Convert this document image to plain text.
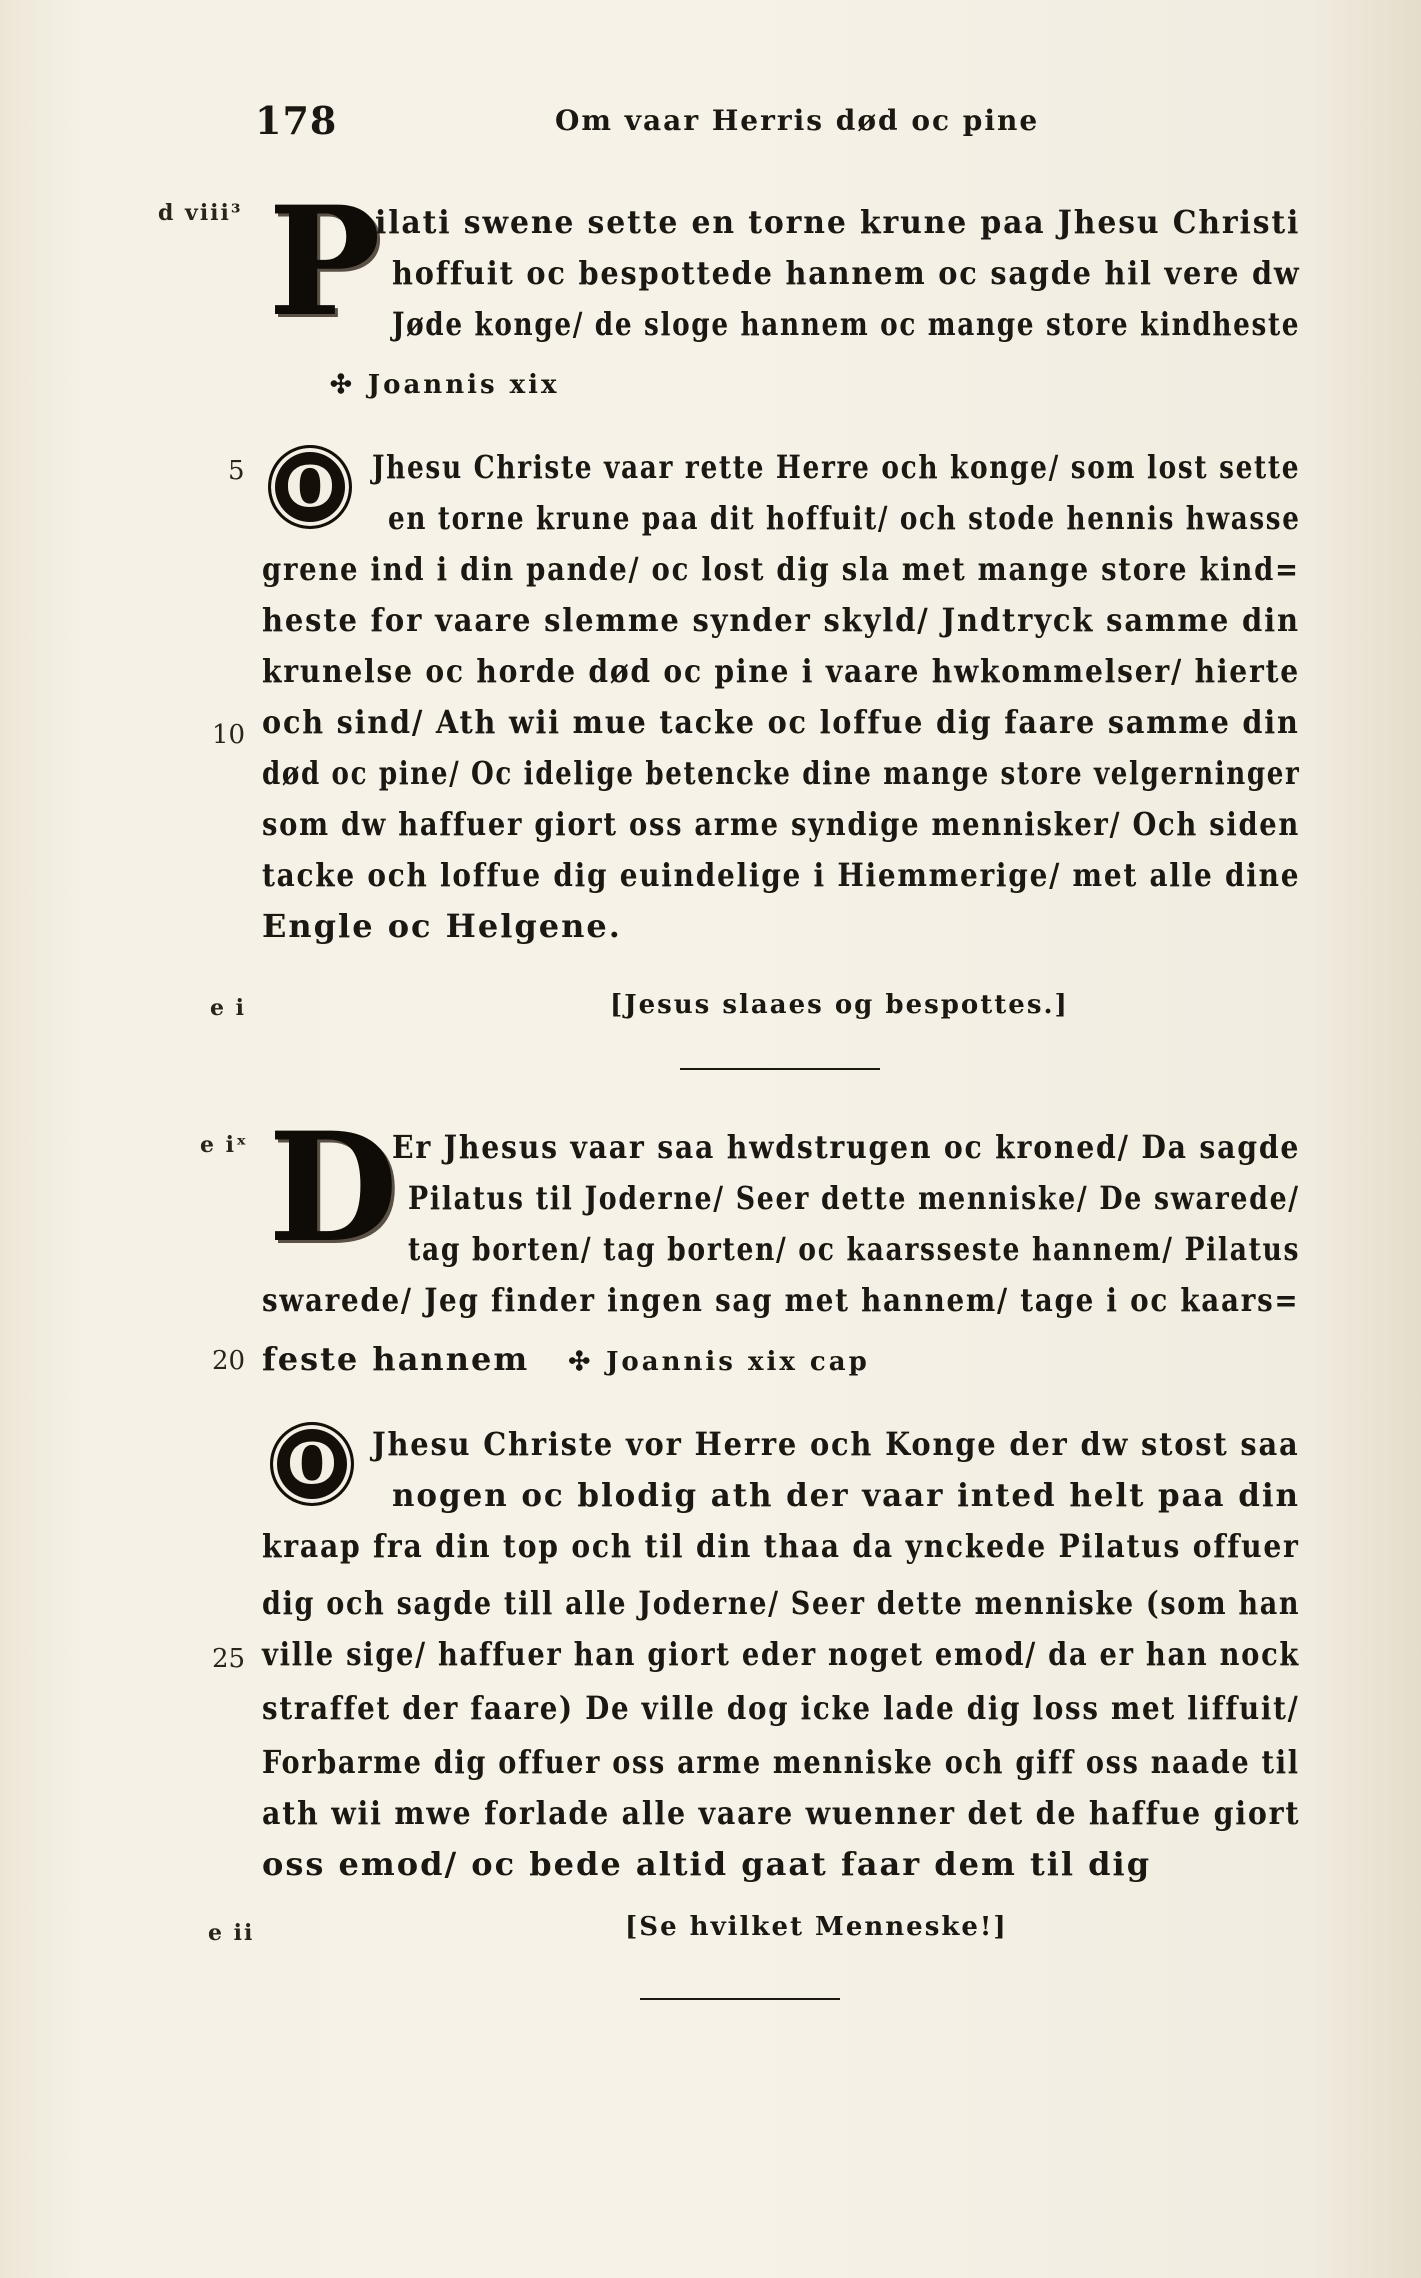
178	Om vaar Herris død oc pine
d viii³
e i
e iˣ
e ii
5
10
20
25
P
ilati swene sette en torne krune paa Jhesu Christi
hoffuit oc bespottede hannem oc sagde hil vere dw
Jøde konge/ de sloge hannem oc mange store kindheste
✣ Joannis xix
O	Jhesu Christe vaar rette Herre och konge/ som lost sette
en torne krune paa dit hoffuit/ och stode hennis hwasse
grene ind i din pande/ oc lost dig sla met mange store kind=
heste for vaare slemme synder skyld/ Jndtryck samme din
krunelse oc horde død oc pine i vaare hwkommelser/ hierte
och sind/ Ath wii mue tacke oc loffue dig faare samme din
død oc pine/ Oc idelige betencke dine mange store velgerninger
som dw haffuer giort oss arme syndige mennisker/ Och siden
tacke och loffue dig euindelige i Hiemmerige/ met alle dine
Engle oc Helgene.
[Jesus slaaes og bespottes.]
D
Er Jhesus vaar saa hwdstrugen oc kroned/ Da sagde
Pilatus til Joderne/ Seer dette menniske/ De swarede/
tag borten/ tag borten/ oc kaarsseste hannem/ Pilatus
swarede/ Jeg finder ingen sag met hannem/ tage i oc kaars=
feste hannem ✣ Joannis xix cap
O	Jhesu Christe vor Herre och Konge der dw stost saa
nogen oc blodig ath der vaar inted helt paa din
kraap fra din top och til din thaa da ynckede Pilatus offuer
dig och sagde till alle Joderne/ Seer dette menniske (som han
ville sige/ haffuer han giort eder noget emod/ da er han nock
straffet der faare) De ville dog icke lade dig loss met liffuit/
Forbarme dig offuer oss arme menniske och giff oss naade til
ath wii mwe forlade alle vaare wuenner det de haffue giort
oss emod/ oc bede altid gaat faar dem til dig
[Se hvilket Menneske!]
